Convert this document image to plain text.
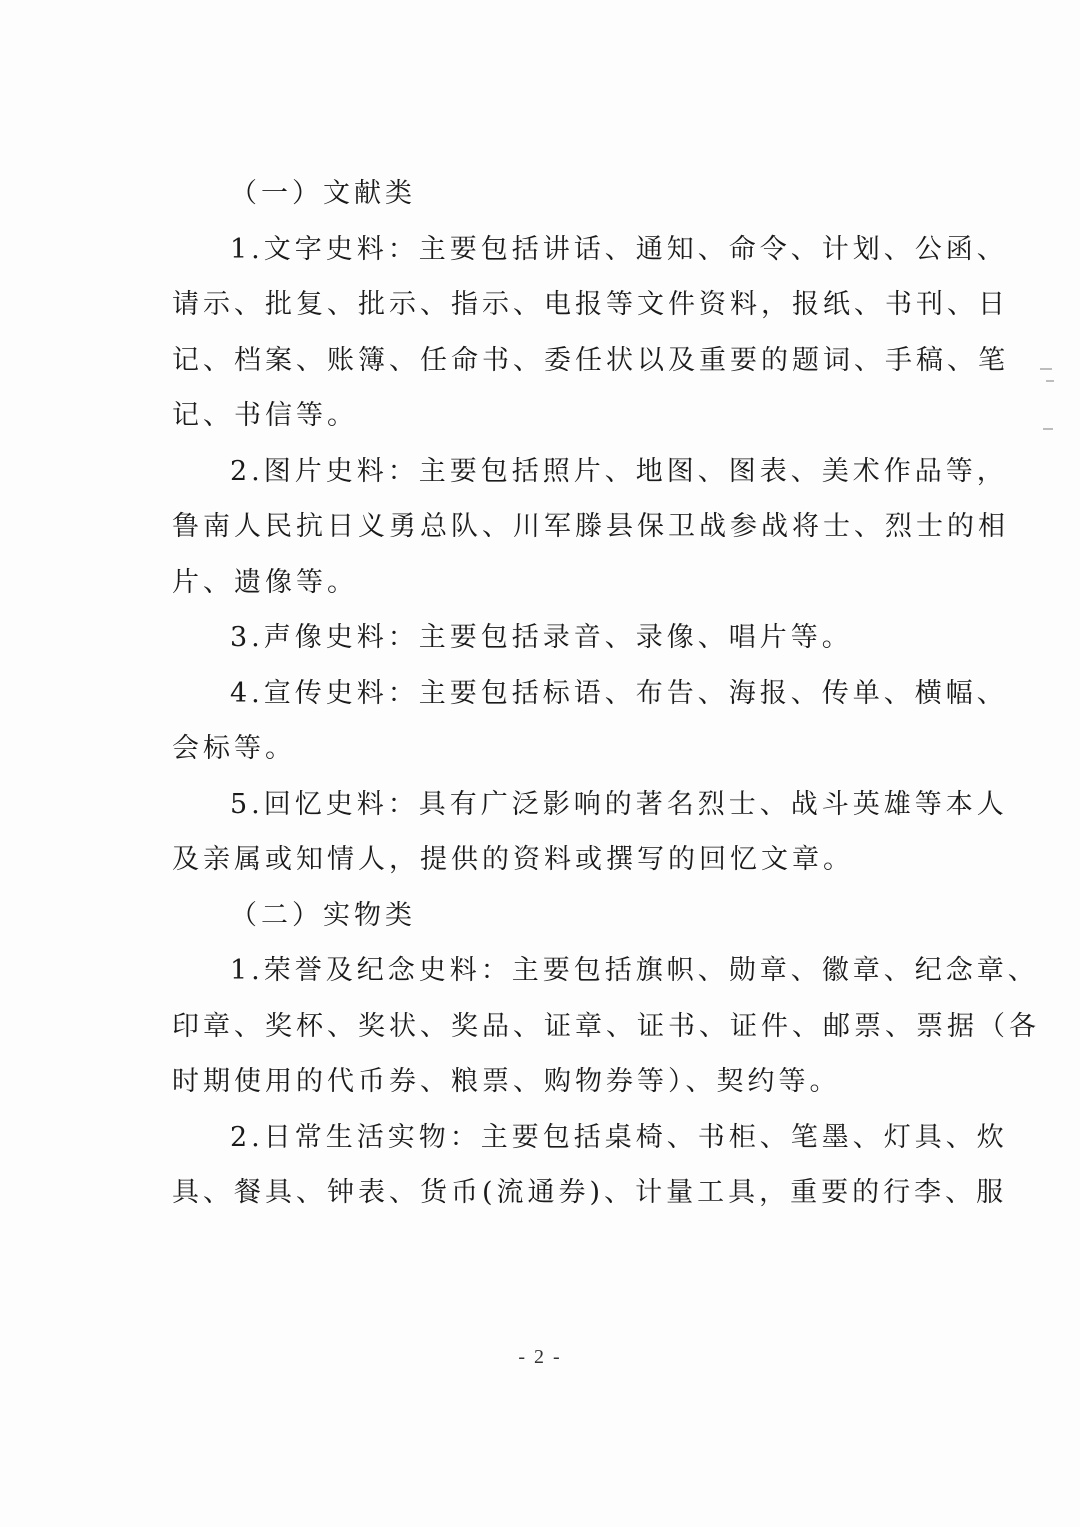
（一）文献类
1.文字史料：主要包括讲话、通知、命令、计划、公函、
请示、批复、批示、指示、电报等文件资料，报纸、书刊、日
记、档案、账簿、任命书、委任状以及重要的题词、手稿、笔
记、书信等。
2.图片史料：主要包括照片、地图、图表、美术作品等，
鲁南人民抗日义勇总队、川军滕县保卫战参战将士、烈士的相
片、遗像等。
3.声像史料：主要包括录音、录像、唱片等。
4.宣传史料：主要包括标语、布告、海报、传单、横幅、
会标等。
5.回忆史料：具有广泛影响的著名烈士、战斗英雄等本人
及亲属或知情人，提供的资料或撰写的回忆文章。
（二）实物类
1.荣誉及纪念史料：主要包括旗帜、勋章、徽章、纪念章、
印章、奖杯、奖状、奖品、证章、证书、证件、邮票、票据（各
时期使用的代币券、粮票、购物券等）、契约等。
2.日常生活实物：主要包括桌椅、书柜、笔墨、灯具、炊
具、餐具、钟表、货币(流通券)、计量工具，重要的行李、服
- 2 -
